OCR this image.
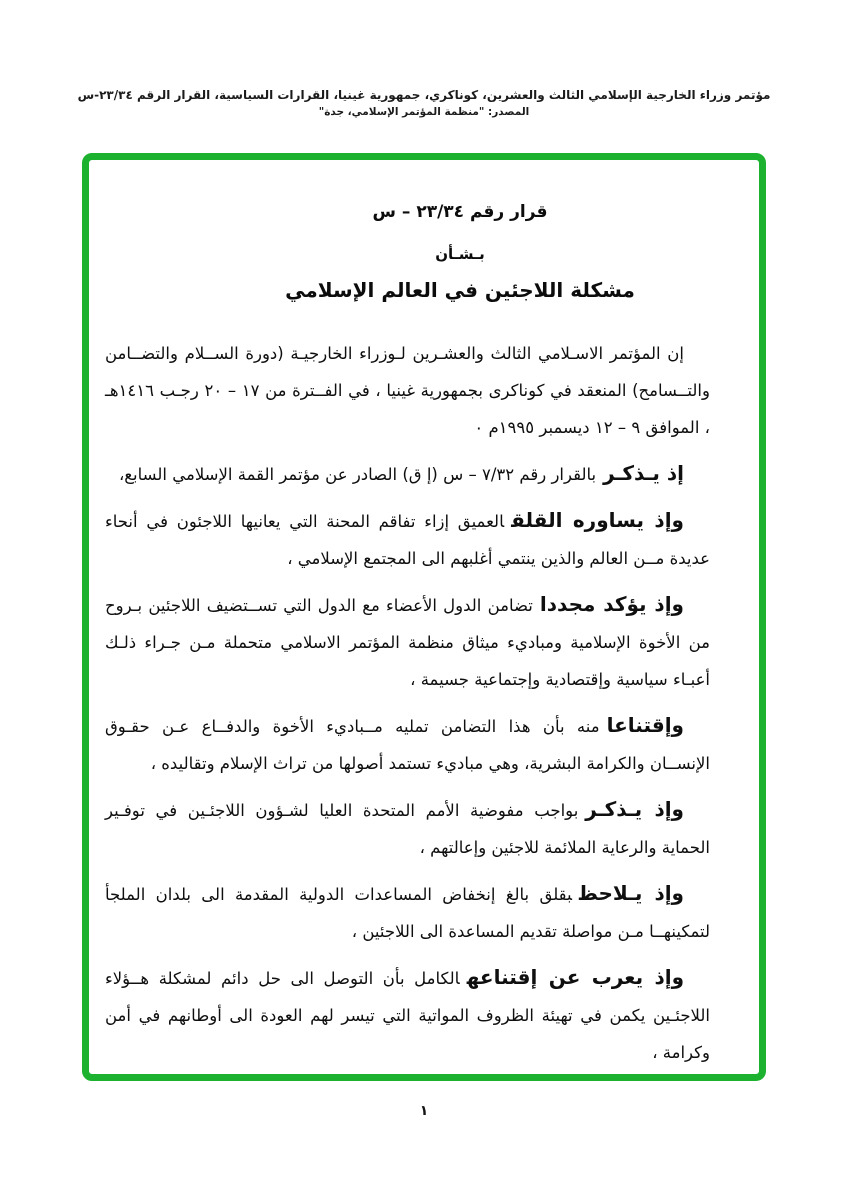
مؤتمر وزراء الخارجية الإسلامي الثالث والعشرين، كوناكري، جمهورية غينيا، القرارات السياسية، القرار الرقم ٢٣/٣٤-س
المصدر: "منظمة المؤتمر الإسلامي، جدة"
قرار رقم ٢٣/٣٤ – س
بـشـأن
مشكلة اللاجئين في العالم الإسلامي

إن المؤتمر الاسـلامي الثالث والعشـرين لـوزراء الخارجيـة (دورة الســلام والتضــامن والتــسامح) المنعقد في كوناكرى بجمهورية غينيا ، في الفــترة من ١٧ – ٢٠ رجـب ١٤١٦هـ ، الموافق ٩ – ١٢ ديسمبر ١٩٩٥م ٠

إذ يـذكـربالقرار رقم ٧/٣٢ – س (إ ق) الصادر عن مؤتمر القمة الإسلامي السابع،

وإذ يساوره القلقالعميق إزاء تفاقم المحنة التي يعانيها اللاجئون في أنحاء عديدة مــن العالم والذين ينتمي أغلبهم الى المجتمع الإسلامي ،

وإذ يؤكد مجدداتضامن الدول الأعضاء مع الدول التي تســتضيف اللاجئين بـروح من الأخوة الإسلامية ومباديء ميثاق منظمة المؤتمر الاسلامي متحملة مـن جـراء ذلـك أعبـاء سياسية وإقتصادية وإجتماعية جسيمة ،

وإقتناعامنه بأن هذا التضامن تمليه مــباديء الأخوة والدفــاع عـن حقـوق الإنســان والكرامة البشرية، وهي مباديء تستمد أصولها من تراث الإسلام وتقاليده ،

وإذ يـذكـربواجب مفوضية الأمم المتحدة العليا لشـؤون اللاجئـين في توفـير الحماية والرعاية الملائمة للاجئين وإعالتهم ،

وإذ يـلاحظبقلق بالغ إنخفاض المساعدات الدولية المقدمة الى بلدان الملجأ لتمكينهــا مـن مواصلة تقديم المساعدة الى اللاجئين ،

وإذ يعرب عن إقتناعهالكامل بأن التوصل الى حل دائم لمشكلة هــؤلاء اللاجئـين يكمن في تهيئة الظروف المواتية التي تيسر لهم العودة الى أوطانهم في أمن وكرامة ،

١
